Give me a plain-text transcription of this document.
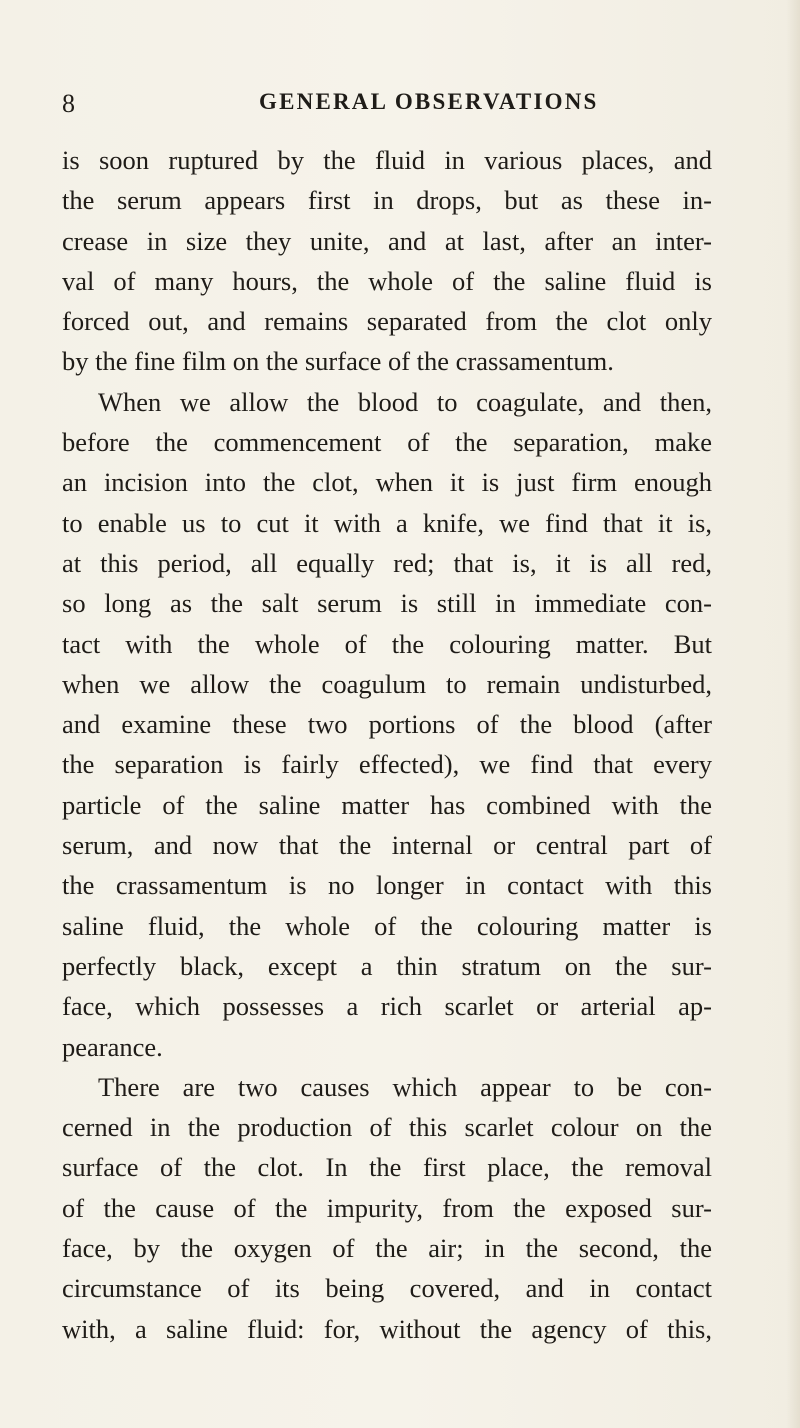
8	GENERAL OBSERVATIONS
is soon ruptured by the fluid in various places, and
the serum appears first in drops, but as these in-
crease in size they unite, and at last, after an inter-
val of many hours, the whole of the saline fluid is
forced out, and remains separated from the clot only
by the fine film on the surface of the crassamentum.
When we allow the blood to coagulate, and then,
before the commencement of the separation, make
an incision into the clot, when it is just firm enough
to enable us to cut it with a knife, we find that it is,
at this period, all equally red; that is, it is all red,
so long as the salt serum is still in immediate con-
tact with the whole of the colouring matter. But
when we allow the coagulum to remain undisturbed,
and examine these two portions of the blood (after
the separation is fairly effected), we find that every
particle of the saline matter has combined with the
serum, and now that the internal or central part of
the crassamentum is no longer in contact with this
saline fluid, the whole of the colouring matter is
perfectly black, except a thin stratum on the sur-
face, which possesses a rich scarlet or arterial ap-
pearance.
There are two causes which appear to be con-
cerned in the production of this scarlet colour on the
surface of the clot. In the first place, the removal
of the cause of the impurity, from the exposed sur-
face, by the oxygen of the air; in the second, the
circumstance of its being covered, and in contact
with, a saline fluid: for, without the agency of this,
